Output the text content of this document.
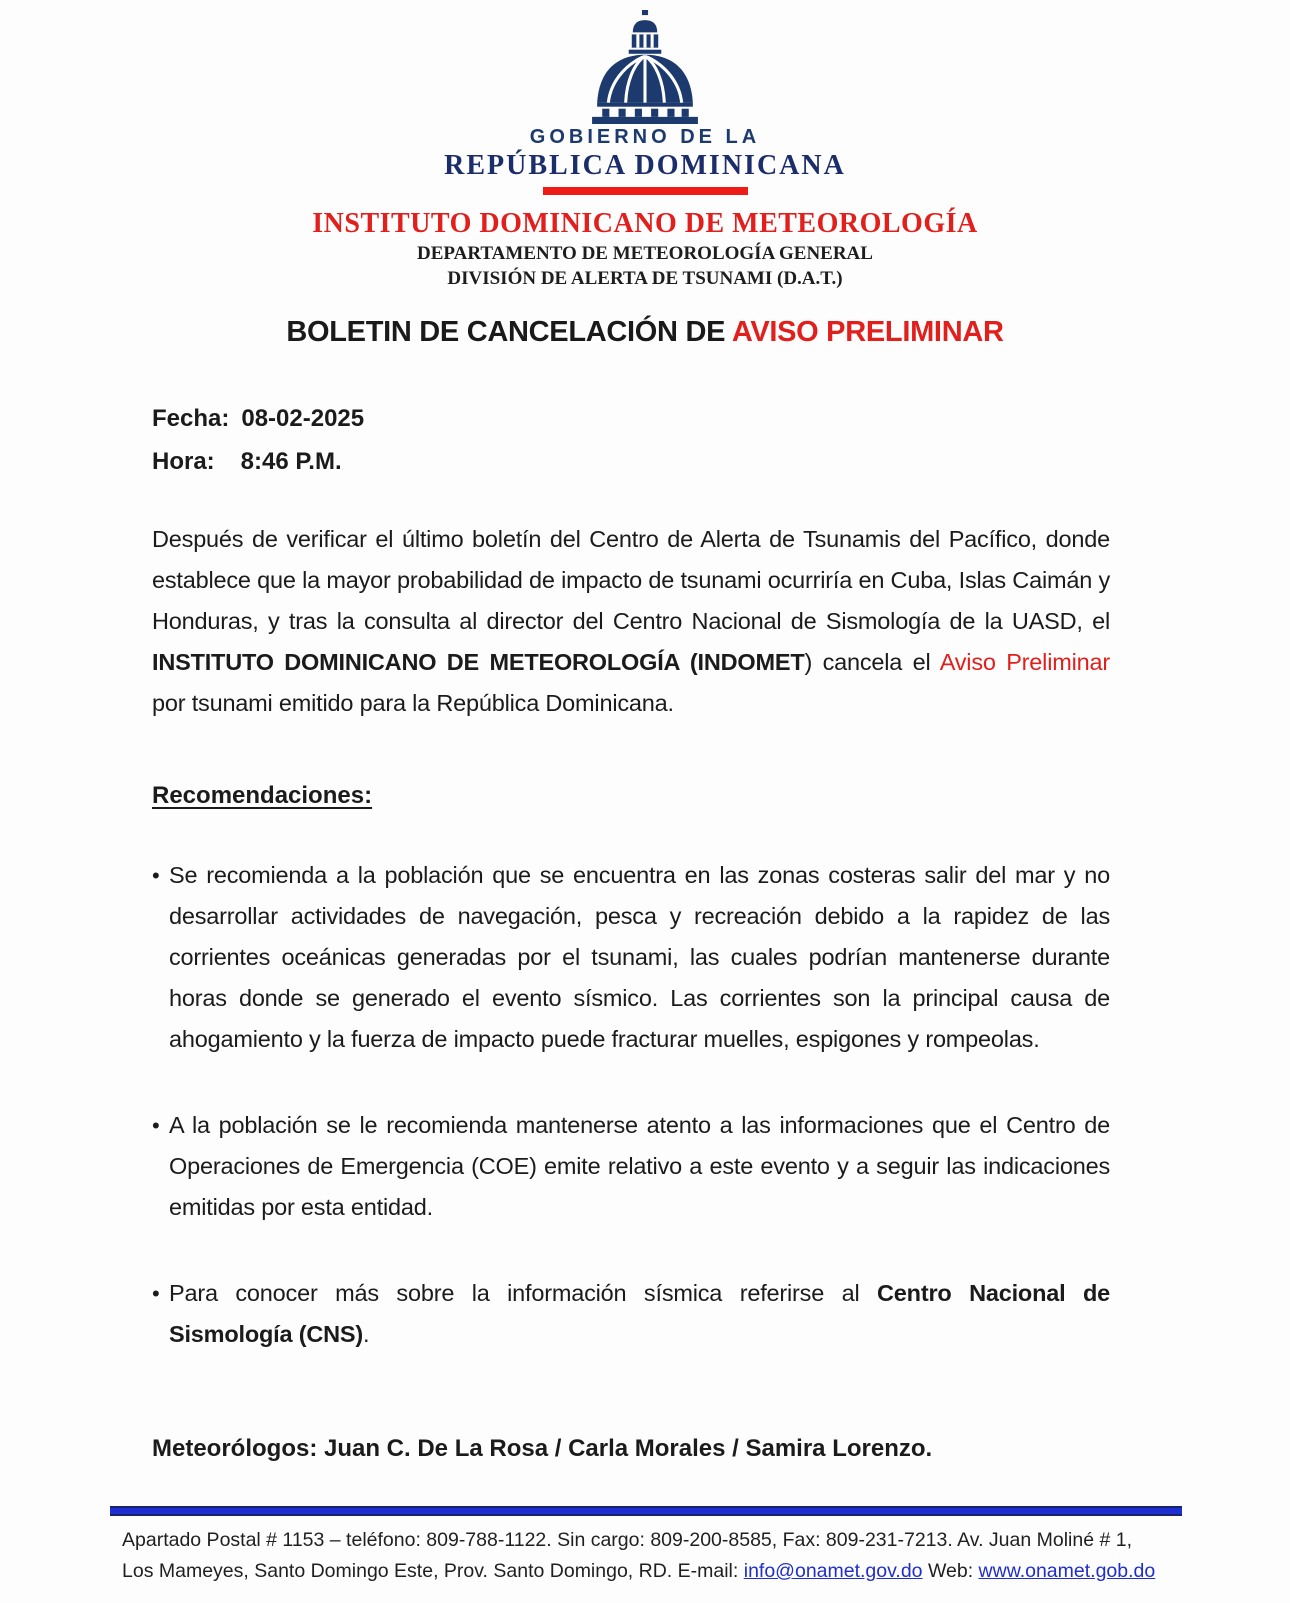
GOBIERNO DE LA
REPÚBLICA DOMINICANA
INSTITUTO DOMINICANO DE METEOROLOGÍA
DEPARTAMENTO DE METEOROLOGÍA GENERAL
DIVISIÓN DE ALERTA DE TSUNAMI (D.A.T.)
BOLETIN DE CANCELACIÓN DE AVISO PRELIMINAR
Fecha: 08-02-2025
Hora: 8:46 P.M.

Después de verificar el último boletín del Centro de Alerta de Tsunamis del Pacífico, donde establece que la mayor probabilidad de impacto de tsunami ocurriría en Cuba, Islas Caimán y Honduras, y tras la consulta al director del Centro Nacional de Sismología de la UASD, el INSTITUTO DOMINICANO DE METEOROLOGÍA (INDOMET) cancela el Aviso Preliminar por tsunami emitido para la República Dominicana.

Recomendaciones:
• Se recomienda a la población que se encuentra en las zonas costeras salir del mar y no desarrollar actividades de navegación, pesca y recreación debido a la rapidez de las corrientes oceánicas generadas por el tsunami, las cuales podrían mantenerse durante horas donde se generado el evento sísmico. Las corrientes son la principal causa de ahogamiento y la fuerza de impacto puede fracturar muelles, espigones y rompeolas.
• A la población se le recomienda mantenerse atento a las informaciones que el Centro de Operaciones de Emergencia (COE) emite relativo a este evento y a seguir las indicaciones emitidas por esta entidad.
• Para conocer más sobre la información sísmica referirse al Centro Nacional de Sismología (CNS).
Meteorólogos: Juan C. De La Rosa / Carla Morales / Samira Lorenzo.
Apartado Postal # 1153 – teléfono: 809-788-1122. Sin cargo: 809-200-8585, Fax: 809-231-7213. Av. Juan Moliné # 1,
Los Mameyes, Santo Domingo Este, Prov. Santo Domingo, RD. E-mail: info@onamet.gov.do Web: www.onamet.gob.do
